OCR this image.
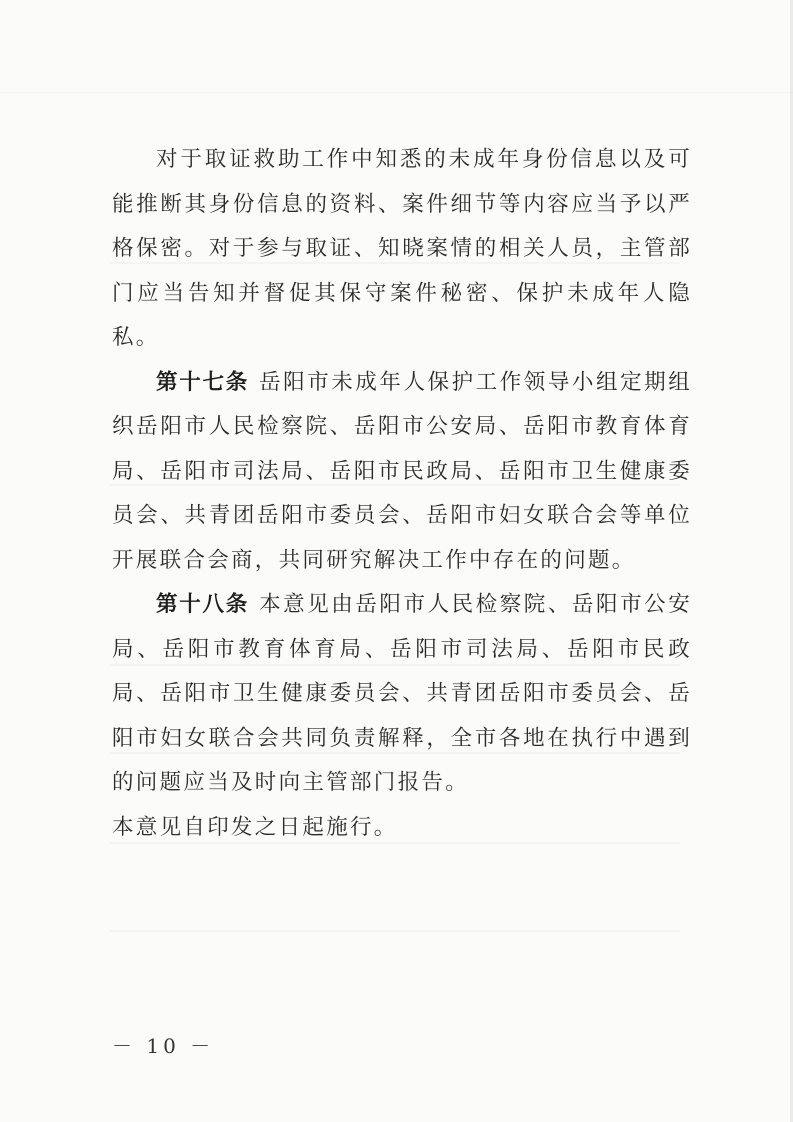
对于取证救助工作中知悉的未成年身份信息以及可能推断其身份信息的资料、案件细节等内容应当予以严格保密。对于参与取证、知晓案情的相关人员，主管部门应当告知并督促其保守案件秘密、保护未成年人隐私。

第十七条 岳阳市未成年人保护工作领导小组定期组织岳阳市人民检察院、岳阳市公安局、岳阳市教育体育局、岳阳市司法局、岳阳市民政局、岳阳市卫生健康委员会、共青团岳阳市委员会、岳阳市妇女联合会等单位开展联合会商，共同研究解决工作中存在的问题。

第十八条 本意见由岳阳市人民检察院、岳阳市公安局、岳阳市教育体育局、岳阳市司法局、岳阳市民政局、岳阳市卫生健康委员会、共青团岳阳市委员会、岳阳市妇女联合会共同负责解释，全市各地在执行中遇到的问题应当及时向主管部门报告。

本意见自印发之日起施行。

－ 10 －
